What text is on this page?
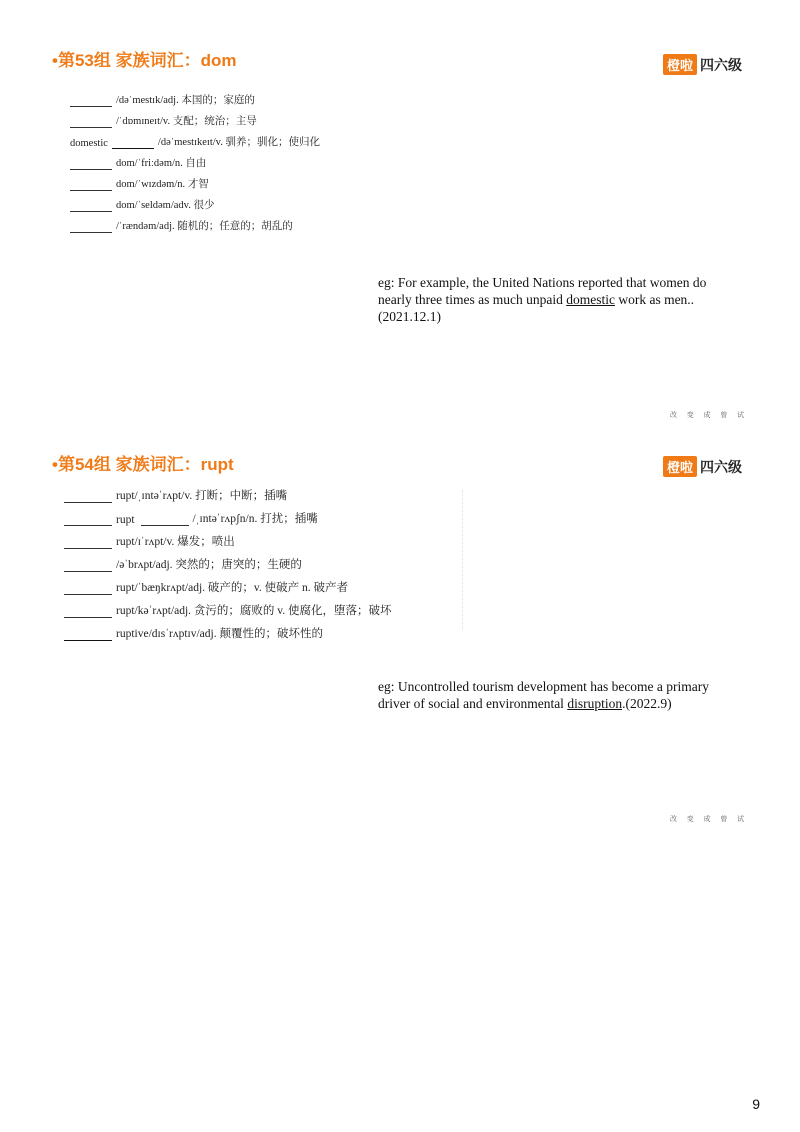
•第53组 家族词汇：dom	橙啦 四六级
/dəˈmestɪk/adj. 本国的；家庭的
/ˈdɒmɪneɪt/v. 支配；统治；主导
domestic	/dəˈmestɪkeɪt/v. 驯养；驯化；使归化
dom/ˈfriːdəm/n. 自由
dom/ˈwɪzdəm/n. 才智
dom/ˈseldəm/adv. 很少
/ˈrændəm/adj. 随机的；任意的；胡乱的
eg: For example, the United Nations reported that women do nearly three times as much unpaid domestic work as men..(2021.12.1)
改 变 成 曾 试
•第54组 家族词汇：rupt	橙啦 四六级
rupt/ˌɪntəˈrʌpt/v. 打断；中断；插嘴
rupt	/ˌɪntəˈrʌpʃn/n. 打扰；插嘴
rupt/ɪˈrʌpt/v. 爆发；喷出
/əˈbrʌpt/adj. 突然的；唐突的；生硬的
rupt/ˈbæŋkrʌpt/adj. 破产的；v. 使破产 n. 破产者
rupt/kəˈrʌpt/adj. 贪污的；腐败的 v. 使腐化，堕落；破坏
ruptive/dɪsˈrʌptɪv/adj. 颠覆性的；破坏性的
eg: Uncontrolled tourism development has become a primary driver of social and environmental disruption.(2022.9)
改 变 成 曾 试
9
